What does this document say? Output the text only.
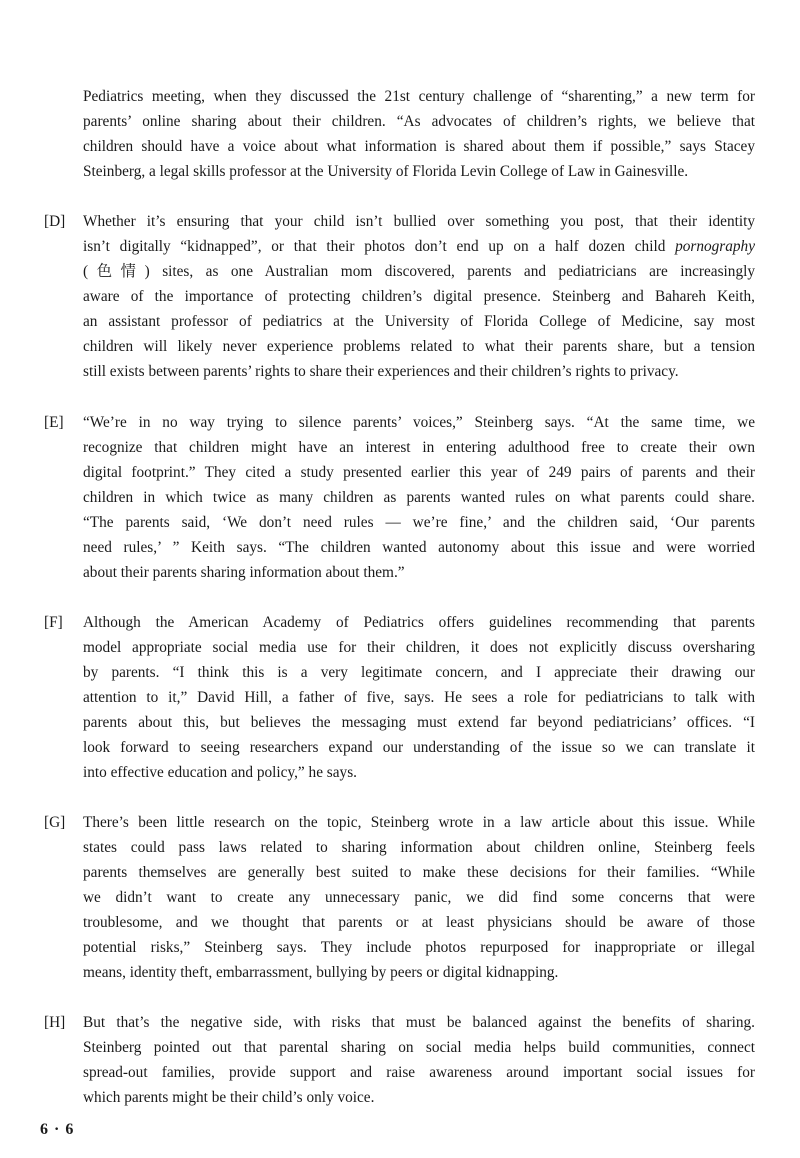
Pediatrics meeting, when they discussed the 21st century challenge of “sharenting,” a new term for
parents’ online sharing about their children. “As advocates of children’s rights, we believe that
children should have a voice about what information is shared about them if possible,” says Stacey
Steinberg, a legal skills professor at the University of Florida Levin College of Law in Gainesville.
[D] Whether it’s ensuring that your child isn’t bullied over something you post, that their identity
isn’t digitally “kidnapped”, or that their photos don’t end up on a half dozen child pornography
(色情) sites, as one Australian mom discovered, parents and pediatricians are increasingly
aware of the importance of protecting children’s digital presence. Steinberg and Bahareh Keith,
an assistant professor of pediatrics at the University of Florida College of Medicine, say most
children will likely never experience problems related to what their parents share, but a tension
still exists between parents’ rights to share their experiences and their children’s rights to privacy.
[E] “We’re in no way trying to silence parents’ voices,” Steinberg says. “At the same time, we
recognize that children might have an interest in entering adulthood free to create their own
digital footprint.” They cited a study presented earlier this year of 249 pairs of parents and their
children in which twice as many children as parents wanted rules on what parents could share.
“The parents said, ‘We don’t need rules — we’re fine,’ and the children said, ‘Our parents
need rules,’ ” Keith says. “The children wanted autonomy about this issue and were worried
about their parents sharing information about them.”
[F] Although the American Academy of Pediatrics offers guidelines recommending that parents
model appropriate social media use for their children, it does not explicitly discuss oversharing
by parents. “I think this is a very legitimate concern, and I appreciate their drawing our
attention to it,” David Hill, a father of five, says. He sees a role for pediatricians to talk with
parents about this, but believes the messaging must extend far beyond pediatricians’ offices. “I
look forward to seeing researchers expand our understanding of the issue so we can translate it
into effective education and policy,” he says.
[G] There’s been little research on the topic, Steinberg wrote in a law article about this issue. While
states could pass laws related to sharing information about children online, Steinberg feels
parents themselves are generally best suited to make these decisions for their families. “While
we didn’t want to create any unnecessary panic, we did find some concerns that were
troublesome, and we thought that parents or at least physicians should be aware of those
potential risks,” Steinberg says. They include photos repurposed for inappropriate or illegal
means, identity theft, embarrassment, bullying by peers or digital kidnapping.
[H] But that’s the negative side, with risks that must be balanced against the benefits of sharing.
Steinberg pointed out that parental sharing on social media helps build communities, connect
spread-out families, provide support and raise awareness around important social issues for
which parents might be their child’s only voice.
6 · 6
